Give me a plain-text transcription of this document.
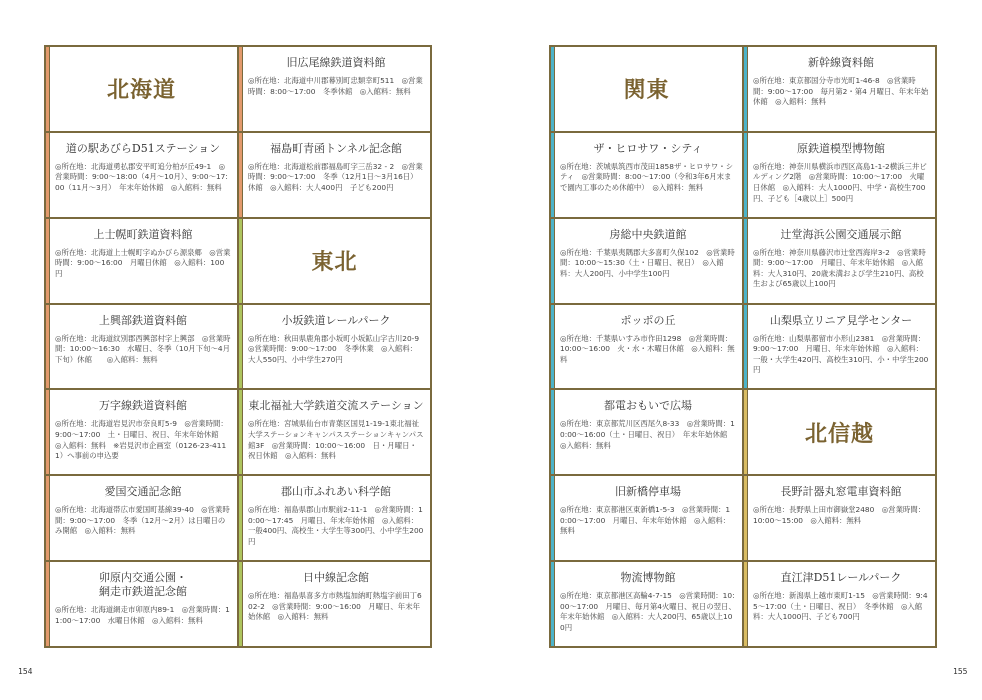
北海道
道の駅あびらD51ステーション
◎所在地：北海道勇払郡安平町追分柏が丘49-1　◎営業時間：9:00〜18:00（4月〜10月）、9:00〜17:00（11月〜3月）　年末年始休館　◎入館料：無料
上士幌町鉄道資料館
◎所在地：北海道上士幌町字ぬかびら源泉郷　◎営業時間：9:00〜16:00　月曜日休館　◎入館料：100円
上興部鉄道資料館
◎所在地：北海道紋別郡西興部村字上興部　◎営業時間：10:00〜16:30　水曜日、冬季（10月下旬〜4月下旬）休館　　◎入館料：無料
万字線鉄道資料館
◎所在地：北海道岩見沢市奈良町5-9　◎営業時間：9:00〜17:00　土・日曜日、祝日、年末年始休館　◎入館料：無料　※岩見沢市企画室（0126-23-4111）へ事前の申込要
愛国交通記念館
◎所在地：北海道帯広市愛国町基線39-40　◎営業時間：9:00〜17:00　冬季（12月〜2月）は日曜日のみ開館　◎入館料：無料
卯原内交通公園・
網走市鉄道記念館
◎所在地：北海道網走市卯原内89-1　◎営業時間：11:00〜17:00　水曜日休館　◎入館料：無料
旧広尾線鉄道資料館
◎所在地：北海道中川郡幕別町忠類幸町511　◎営業時間：8:00〜17:00　冬季休館　◎入館料：無料
福島町青函トンネル記念館
◎所在地：北海道松前郡福島町字三岳32 - 2　◎営業時間：9:00〜17:00　冬季（12月1日〜3月16日）休館　◎入館料：大人400円　子ども200円
東北
小坂鉄道レールパーク
◎所在地：秋田県鹿角郡小坂町小坂鉱山字古川20-9　◎営業時間：9:00〜17:00　冬季休業　◎入館料：大人550円、小中学生270円
東北福祉大学鉄道交流ステーション
◎所在地：宮城県仙台市青葉区国見1-19-1東北福祉大学ステーションキャンパスステーションキャンパス館3F　◎営業時間：10:00〜16:00　日・月曜日・祝日休館　◎入館料：無料
郡山市ふれあい科学館
◎所在地：福島県郡山市駅前2-11-1　◎営業時間：10:00〜17:45　月曜日、年末年始休館　◎入館料：一般400円、高校生・大学生等300円、小中学生200円
日中線記念館
◎所在地：福島県喜多方市熱塩加納町熱塩字前田丁602-2　◎営業時間：9:00〜16:00　月曜日、年末年始休館　◎入館料：無料
関東
ザ・ヒロサワ・シティ
◎所在地：茨城県筑西市茂田1858ザ・ヒロサワ・シティ　◎営業時間：8:00〜17:00（令和3年6月末まで園内工事のため休館中）　◎入館料：無料
房総中央鉄道館
◎所在地：千葉県夷隅郡大多喜町久保102　◎営業時間：10:00〜15:30（土・日曜日、祝日）　◎入館料：大人200円、小中学生100円
ポッポの丘
◎所在地：千葉県いすみ市作田1298　◎営業時間：10:00〜16:00　火・水・木曜日休館　◎入館料：無料
都電おもいで広場
◎所在地：東京都荒川区西尾久8-33　◎営業時間：10:00〜16:00（土・日曜日、祝日）　年末年始休館　◎入館料：無料
旧新橋停車場
◎所在地：東京都港区東新橋1-5-3　◎営業時間：10:00〜17:00　月曜日、年末年始休館　◎入館料：無料
物流博物館
◎所在地：東京都港区高輪4-7-15　◎営業時間：10:00〜17:00　月曜日、毎月第4火曜日、祝日の翌日、年末年始休館　◎入館料：大人200円、65歳以上100円
新幹線資料館
◎所在地：東京都国分寺市光町1-46-8　◎営業時間：9:00〜17:00　毎月第2・第4 月曜日、年末年始休館　◎入館料：無料
原鉄道模型博物館
◎所在地：神奈川県横浜市西区高島1-1-2横浜三井ビルディング2階　◎営業時間：10:00〜17:00　火曜日休館　◎入館料：大人1000円、中学・高校生700円、子ども［4歳以上］500円
辻堂海浜公園交通展示館
◎所在地：神奈川県藤沢市辻堂西海岸3-2　◎営業時間：9:00〜17:00　月曜日、年末年始休館　◎入館料：大人310円、20歳未満および学生210円、高校生および65歳以上100円
山梨県立リニア見学センター
◎所在地：山梨県都留市小形山2381　◎営業時間：9:00〜17:00　月曜日、年末年始休館　◎入館料：一般・大学生420円、高校生310円、小・中学生200円
北信越
長野計器丸窓電車資料館
◎所在地：長野県上田市御嶽堂2480　◎営業時間：10:00〜15:00　◎入館料：無料
直江津D51レールパーク
◎所在地：新潟県上越市東町1-15　◎営業時間：9:45〜17:00（土・日曜日、祝日）　冬季休館　◎入館料：大人1000円、子ども700円
154	155
